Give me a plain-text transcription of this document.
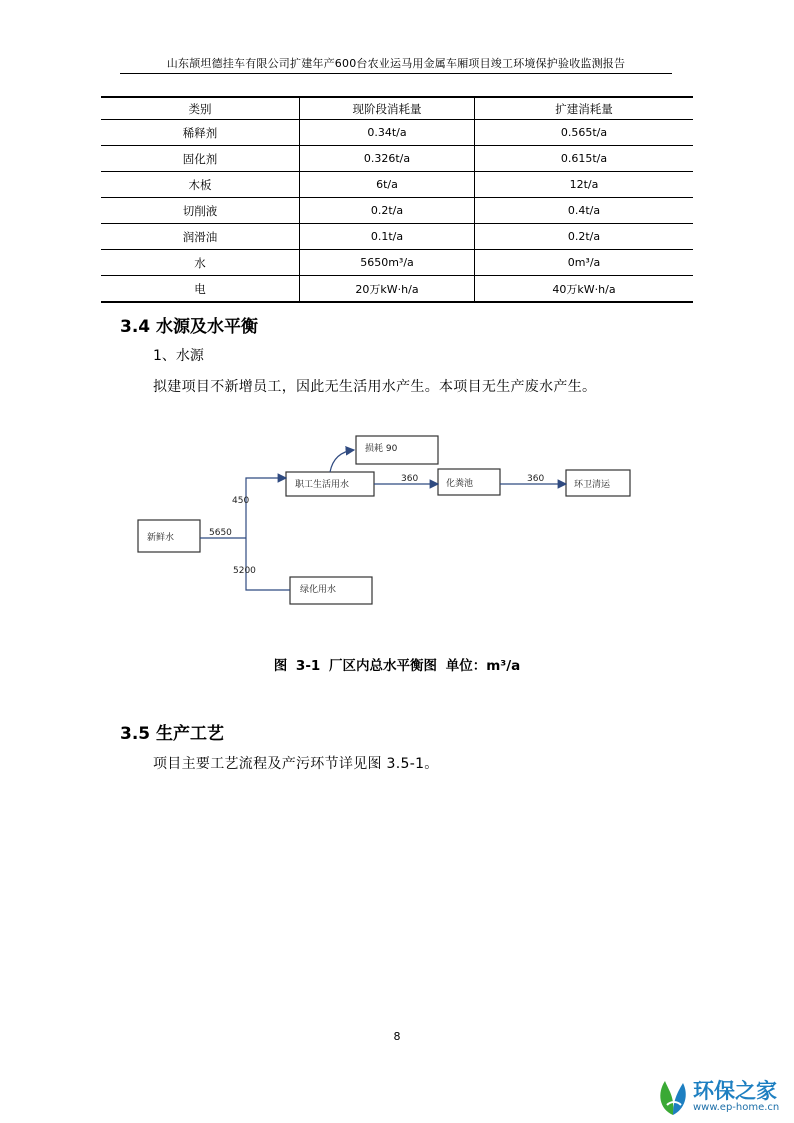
山东颉坦德挂车有限公司扩建年产600台农业运马用金属车厢项目竣工环境保护验收监测报告
类别	现阶段消耗量	扩建消耗量
稀释剂	0.34t/a	0.565t/a
固化剂	0.326t/a	0.615t/a
木板	6t/a	12t/a
切削液	0.2t/a	0.4t/a
润滑油	0.1t/a	0.2t/a
水	5650m³/a	0m³/a
电	20万kW·h/a	40万kW·h/a
3.4 水源及水平衡
1、水源
拟建项目不新增员工，因此无生活用水产生。本项目无生产废水产生。
新鲜水
职工生活用水
损耗 90
化粪池	环卫清运
绿化用水
5650
450
5200
360	360
图 3-1 厂区内总水平衡图 单位：m³/a
3.5 生产工艺
项目主要工艺流程及产污环节详见图 3.5-1。
8
环保之家
www.ep-home.cn
